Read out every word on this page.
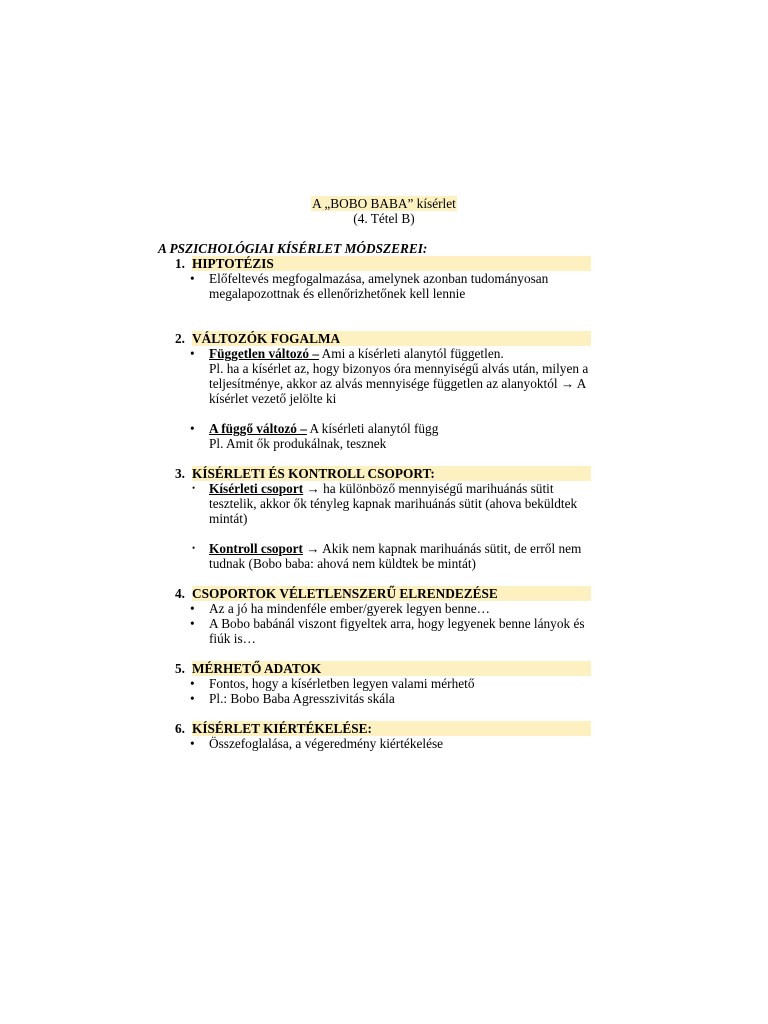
A „BOBO BABA” kísérlet
(4. Tétel B)
A PSZICHOLÓGIAI KÍSÉRLET MÓDSZEREI:
1. HIPTOTÉZIS
• Előfeltevés megfogalmazása, amelynek azonban tudományosan
megalapozottnak és ellenőrizhetőnek kell lennie
2. VÁLTOZÓK FOGALMA
• Független változó – Ami a kísérleti alanytól független.
Pl. ha a kísérlet az, hogy bizonyos óra mennyiségű alvás után, milyen a
teljesítménye, akkor az alvás mennyisége független az alanyoktól → A
kísérlet vezető jelölte ki
• A függő változó – A kísérleti alanytól függ
Pl. Amit ők produkálnak, tesznek
3. KÍSÉRLETI ÉS KONTROLL CSOPORT:
• Kísérleti csoport → ha különböző mennyiségű marihuánás sütit
tesztelik, akkor ők tényleg kapnak marihuánás sütit (ahova beküldtek
mintát)
• Kontroll csoport → Akik nem kapnak marihuánás sütit, de erről nem
tudnak (Bobo baba: ahová nem küldtek be mintát)
4. CSOPORTOK VÉLETLENSZERŰ ELRENDEZÉSE
• Az a jó ha mindenféle ember/gyerek legyen benne…
• A Bobo babánál viszont figyeltek arra, hogy legyenek benne lányok és
fiúk is…
5. MÉRHETŐ ADATOK
• Fontos, hogy a kísérletben legyen valami mérhető
• Pl.: Bobo Baba Agresszivitás skála
6. KÍSÉRLET KIÉRTÉKELÉSE:
• Összefoglalása, a végeredmény kiértékelése
